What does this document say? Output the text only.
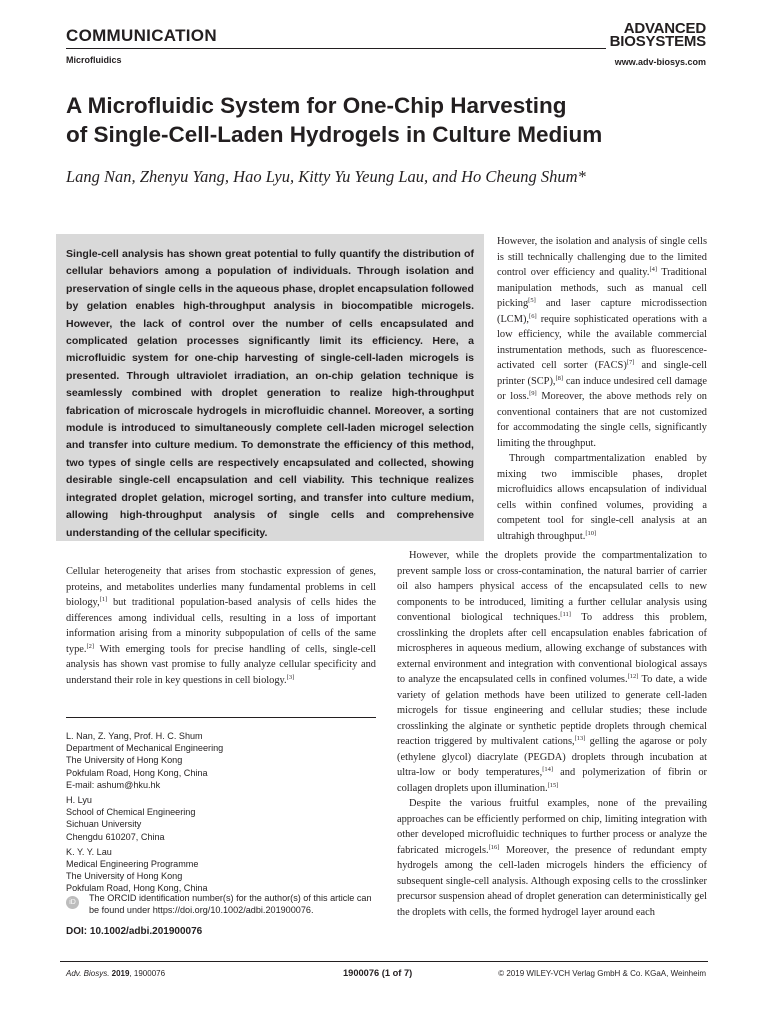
COMMUNICATION
Microfluidics
ADVANCED
BIOSYSTEMS
www.adv-biosys.com
A Microfluidic System for One-Chip Harvesting
of Single-Cell-Laden Hydrogels in Culture Medium
Lang Nan, Zhenyu Yang, Hao Lyu, Kitty Yu Yeung Lau, and Ho Cheung Shum*

Single-cell analysis has shown great potential to fully quantify the distribution of cellular behaviors among a population of individuals. Through isolation and preservation of single cells in the aqueous phase, droplet encapsulation followed by gelation enables high-throughput analysis in biocompatible microgels. However, the lack of control over the number of cells encapsulated and complicated gelation processes significantly limit its efficiency. Here, a microfluidic system for one-chip harvesting of single-cell-laden microgels is presented. Through ultraviolet irradiation, an on-chip gelation technique is seamlessly combined with droplet generation to realize high-throughput fabrication of microscale hydrogels in microfluidic channel. Moreover, a sorting module is introduced to simultaneously complete cell-laden microgel selection and transfer into culture medium. To demonstrate the efficiency of this method, two types of single cells are respectively encapsulated and collected, showing desirable single-cell encapsulation and cell viability. This technique realizes integrated droplet gelation, microgel sorting, and transfer into culture medium, allowing high-throughput analysis of single cells and comprehensive understanding of the cellular specificity.

However, the isolation and analysis of single cells is still technically challenging due to the limited control over efficiency and quality.[4] Traditional manipulation methods, such as manual cell picking[5] and laser capture microdissection (LCM),[6] require sophisticated operations with a low efficiency, while the available commercial instrumentation methods, such as fluorescence-activated cell sorter (FACS)[7] and single-cell printer (SCP),[8] can induce undesired cell damage or loss.[9] Moreover, the above methods rely on conventional containers that are not customized for accommodating the single cells, significantly limiting the throughput.

Through compartmentalization enabled by mixing two immiscible phases, droplet microfluidics allows encapsulation of individual cells within confined volumes, providing a competent tool for single-cell analysis at an ultrahigh throughput.[10]

However, while the droplets provide the compartmentalization to prevent sample loss or cross-contamination, the natural barrier of carrier oil also hampers physical access of the encapsulated cells to new components to be introduced, limiting a further cellular analysis using conventional biological techniques.[11] To address this problem, crosslinking the droplets after cell encapsulation enables fabrication of microspheres in aqueous medium, allowing exchange of substances with external environment and integration with conventional biological assays to analyze the encapsulated cells in confined volumes.[12] To date, a wide variety of gelation methods have been utilized to generate cell-laden microgels for tissue engineering and cellular studies; these include crosslinking the alginate or synthetic peptide droplets through chemical reaction triggered by multivalent cations,[13] gelling the agarose or poly (ethylene glycol) diacrylate (PEGDA) droplets through incubation at ultra-low or body temperatures,[14] and polymerization of fibrin or collagen droplets upon illumination.[15]

Despite the various fruitful examples, none of the prevailing approaches can be efficiently performed on chip, limiting integration with other developed microfluidic techniques to further process or analyze the fabricated microgels.[16] Moreover, the presence of redundant empty hydrogels among the cell-laden microgels hinders the efficiency of subsequent single-cell analysis. Although exposing cells to the crosslinker precursor suspension ahead of droplet generation can deterministically gel the droplets with cells, the formed hydrogel layer around each

Cellular heterogeneity that arises from stochastic expression of genes, proteins, and metabolites underlies many fundamental problems in cell biology,[1] but traditional population-based analysis of cells hides the differences among individual cells, resulting in a loss of important information arising from a minority subpopulation of cells of the same type.[2] With emerging tools for precise handling of cells, single-cell analysis has shown vast promise to fully analyze cellular specificity and understand their role in key questions in cell biology.[3]

L. Nan, Z. Yang, Prof. H. C. Shum
Department of Mechanical Engineering
The University of Hong Kong
Pokfulam Road, Hong Kong, China
E-mail: ashum@hku.hk
H. Lyu
School of Chemical Engineering
Sichuan University
Chengdu 610207, China
K. Y. Y. Lau
Medical Engineering Programme
The University of Hong Kong
Pokfulam Road, Hong Kong, China
iD	The ORCID identification number(s) for the author(s) of this article can be found under https://doi.org/10.1002/adbi.201900076.
DOI: 10.1002/adbi.201900076
Adv. Biosys. 2019, 1900076	1900076 (1 of 7)	© 2019 WILEY-VCH Verlag GmbH & Co. KGaA, Weinheim
